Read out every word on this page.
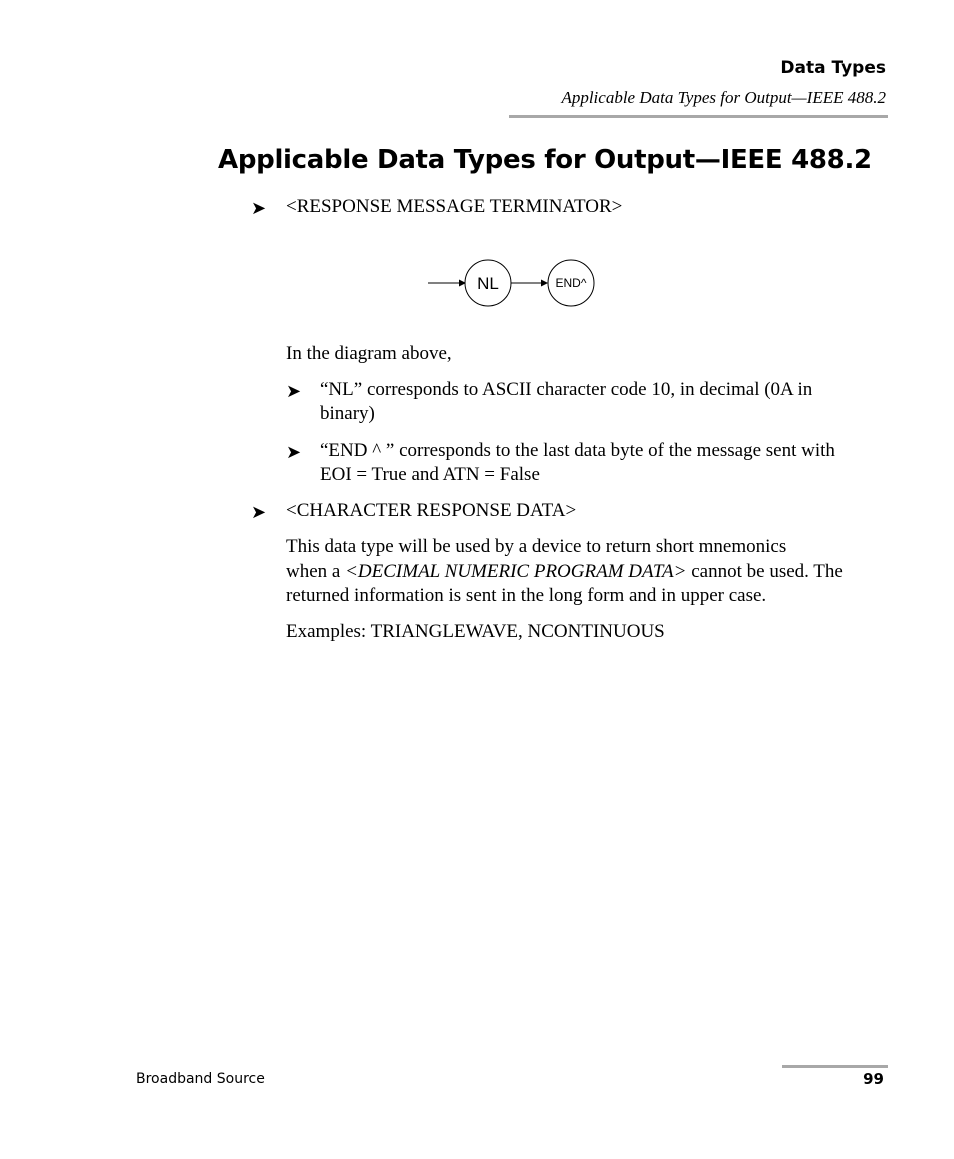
Data Types
Applicable Data Types for Output—IEEE 488.2
Applicable Data Types for Output—IEEE 488.2
➤ <RESPONSE MESSAGE TERMINATOR>
NL	END^
In the diagram above,
➤ “NL” corresponds to ASCII character code 10, in decimal (0A in
binary)
➤ “END ^ ” corresponds to the last data byte of the message sent with
EOI = True and ATN = False
➤ <CHARACTER RESPONSE DATA>
This data type will be used by a device to return short mnemonics
when a <DECIMAL NUMERIC PROGRAM DATA> cannot be used. The
returned information is sent in the long form and in upper case.
Examples: TRIANGLEWAVE, NCONTINUOUS
Broadband Source	99
